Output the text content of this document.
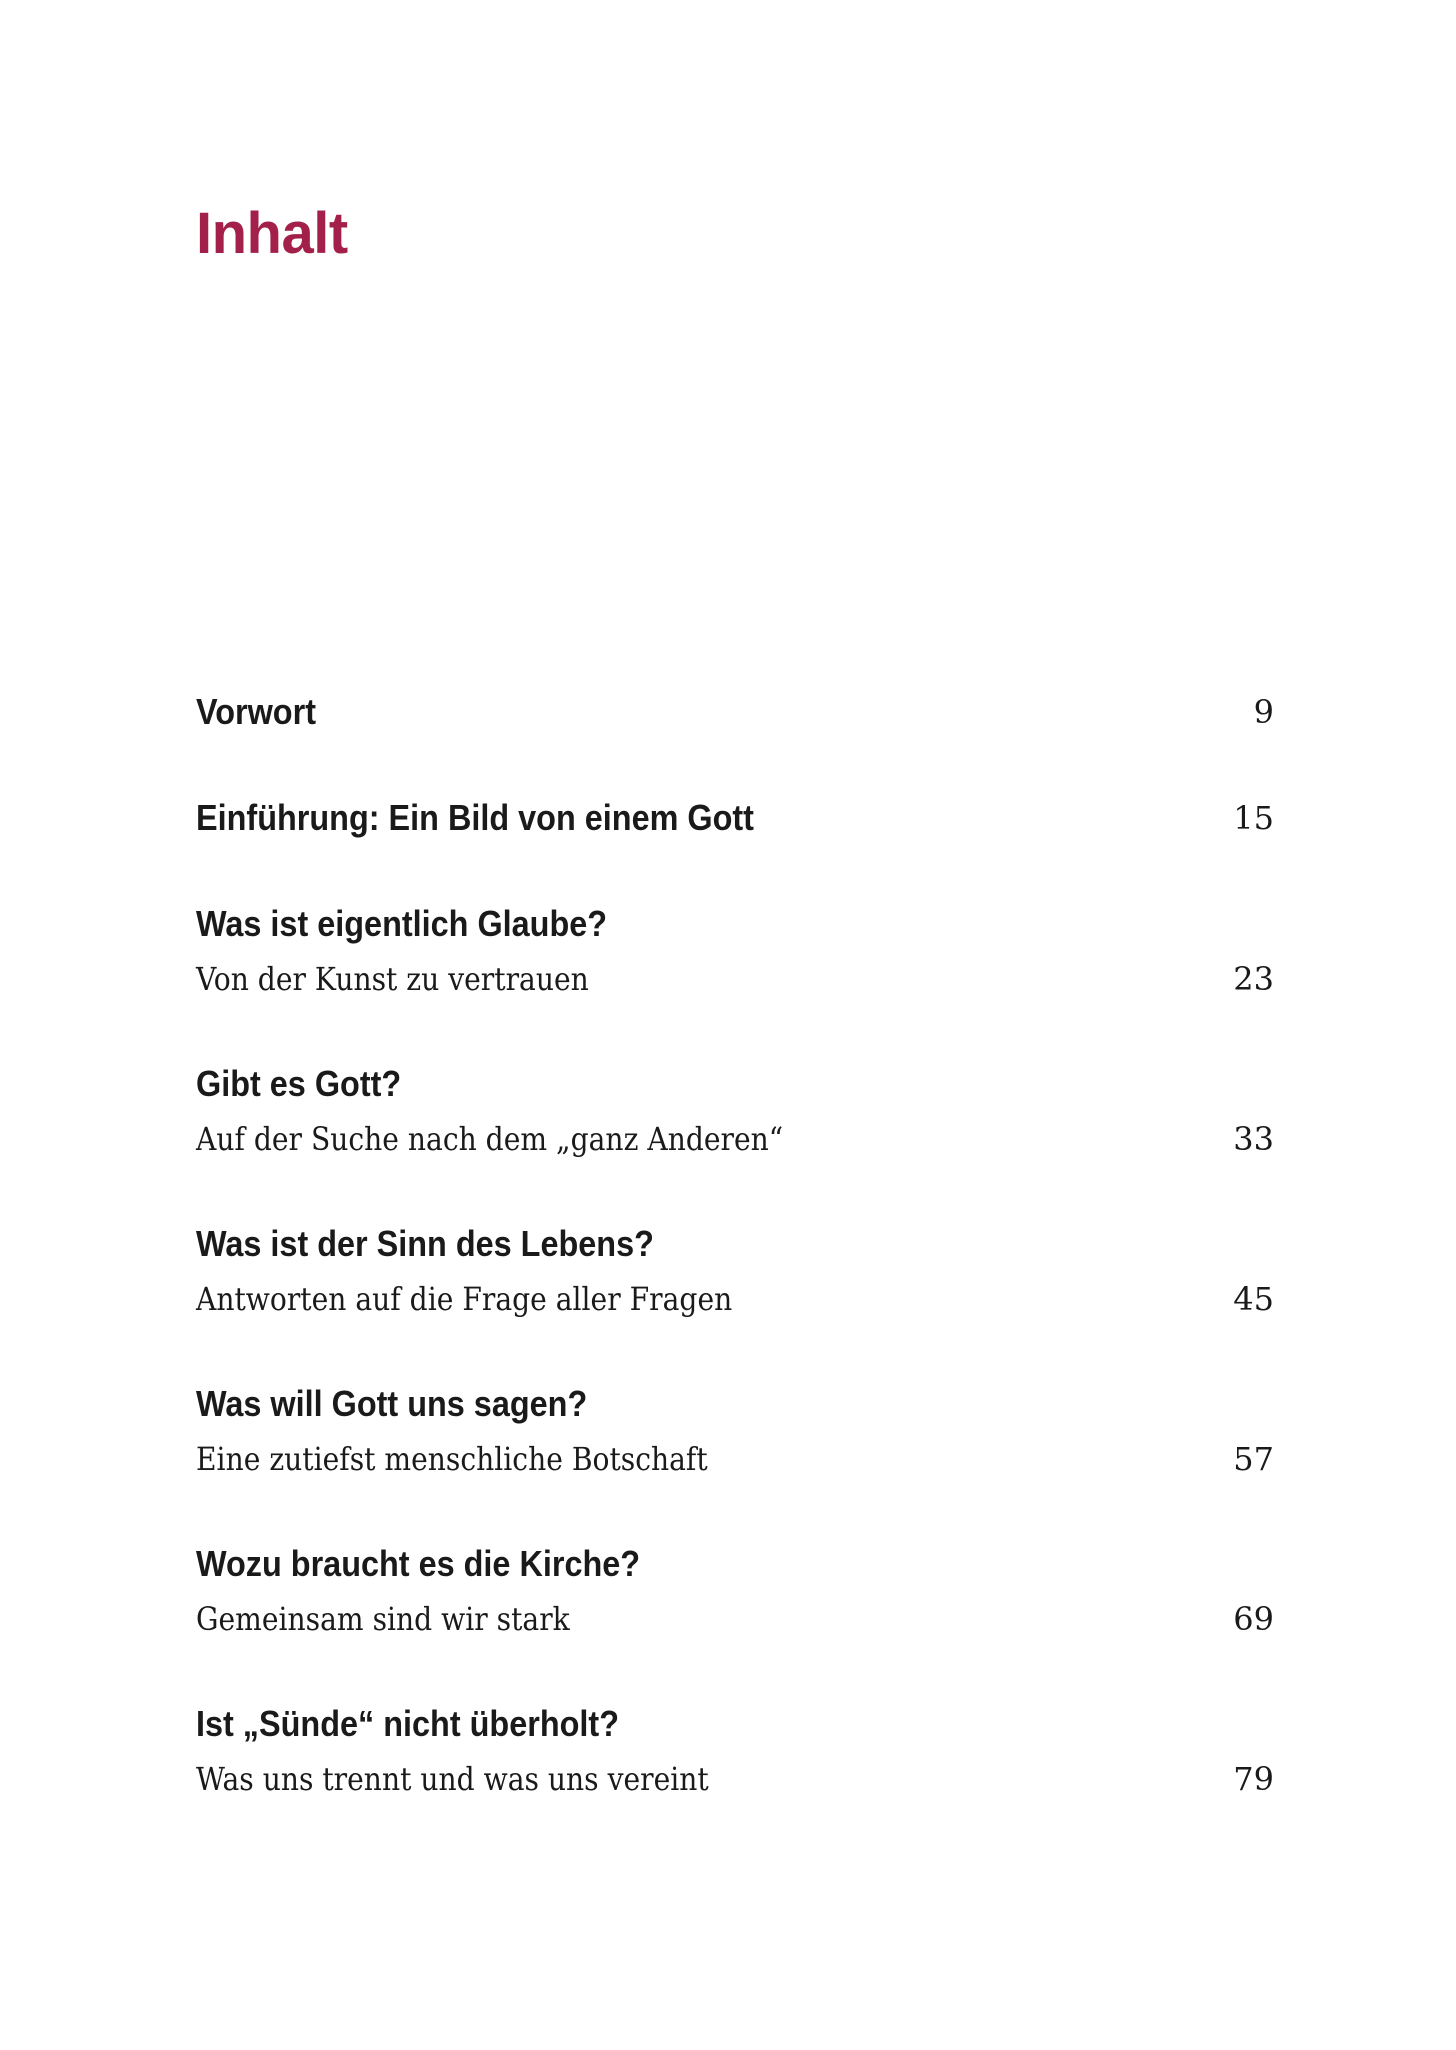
Inhalt
Vorwort	9
Einführung: Ein Bild von einem Gott	15
Was ist eigentlich Glaube?
Von der Kunst zu vertrauen	23
Gibt es Gott?
Auf der Suche nach dem „ganz Anderen“	33
Was ist der Sinn des Lebens?
Antworten auf die Frage aller Fragen	45
Was will Gott uns sagen?
Eine zutiefst menschliche Botschaft	57
Wozu braucht es die Kirche?
Gemeinsam sind wir stark	69
Ist „Sünde“ nicht überholt?
Was uns trennt und was uns vereint	79
